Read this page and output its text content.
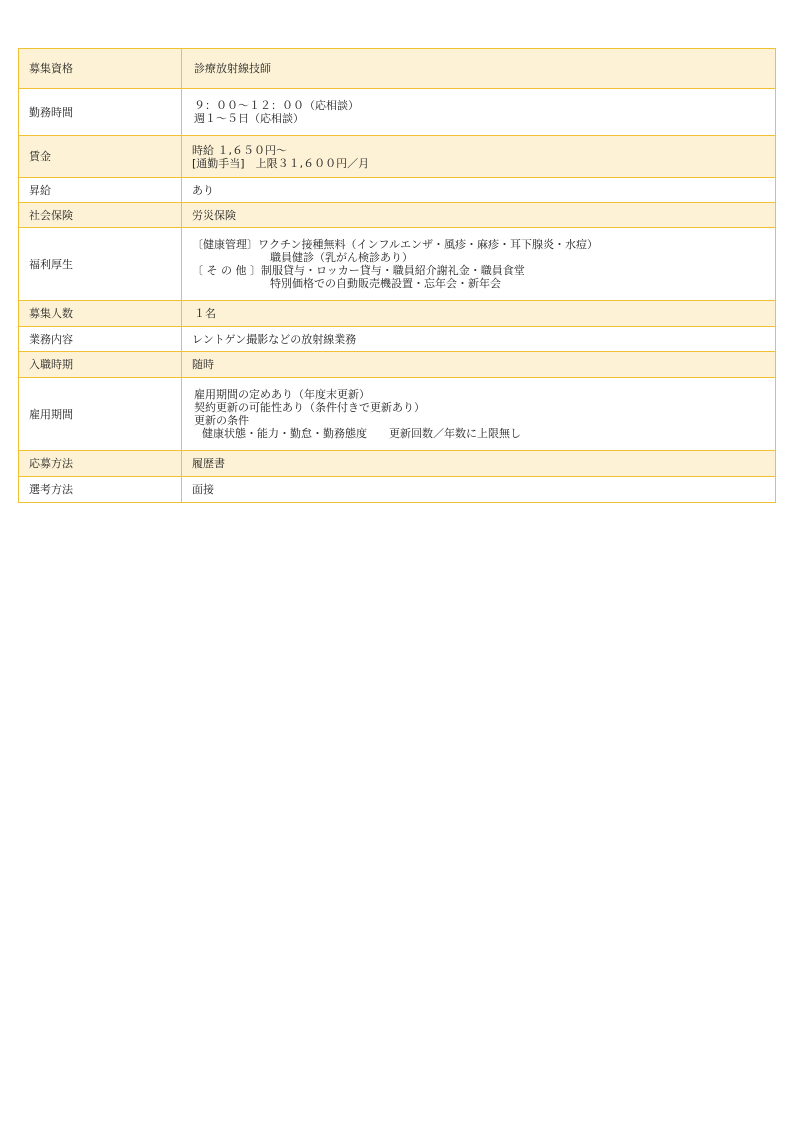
募集資格	診療放射線技師

勤務時間	９：００～１２：００（応相談）
週１～５日（応相談）

賃金	時給 １,６５０円～
[通勤手当]　上限３１,６００円／月

昇給	あり

社会保険	労災保険

福利厚生	〔健康管理〕ワクチン接種無料（インフルエンザ・風疹・麻疹・耳下腺炎・水痘）
職員健診（乳がん検診あり）
〔 そ の 他 〕制服貸与・ロッカー貸与・職員紹介謝礼金・職員食堂
特別価格での自動販売機設置・忘年会・新年会

募集人数	１名

業務内容	レントゲン撮影などの放射線業務

入職時期	随時

雇用期間	雇用期間の定めあり（年度末更新）
契約更新の可能性あり（条件付きで更新あり）
更新の条件
健康状態・能力・勤怠・勤務態度　　更新回数／年数に上限無し

応募方法	履歴書

選考方法	面接
